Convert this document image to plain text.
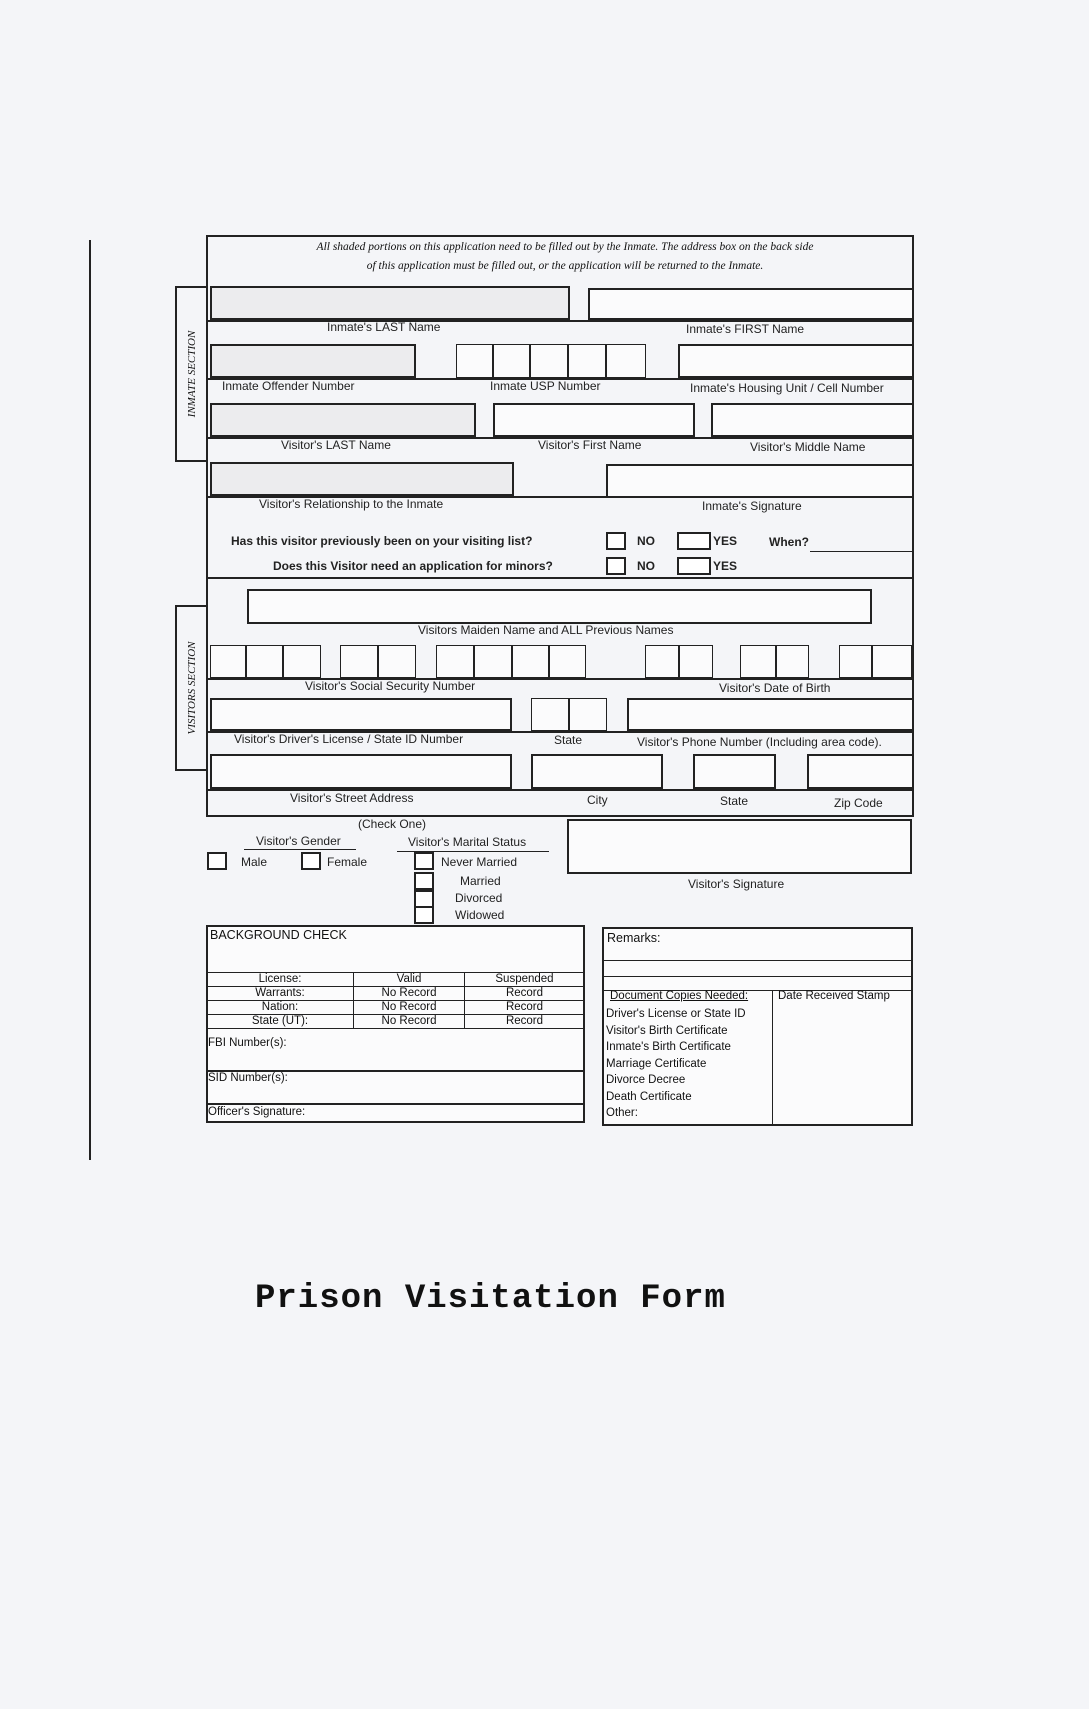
All shaded portions on this application need to be filled out by the Inmate. The address box on the back side
of this application must be filled out, or the application will be returned to the Inmate.
INMATE SECTION
Inmate's LAST Name	Inmate's FIRST Name
Inmate Offender Number	Inmate USP Number	Inmate's Housing Unit / Cell Number
Visitor's LAST Name	Visitor's First Name	Visitor's Middle Name
Visitor's Relationship to the Inmate	Inmate's Signature
Has this visitor previously been on your visiting list?	NO	YES	When?
Does this Visitor need an application for minors?	NO	YES
VISITORS SECTION
Visitors Maiden Name and ALL Previous Names
Visitor's Social Security Number	Visitor's Date of Birth
Visitor's Driver's License / State ID Number	State	Visitor's Phone Number (Including area code).
Visitor's Street Address	City	State	Zip Code
(Check One)
Visitor's Gender	Visitor's Marital Status
Male	Female	Never Married
Married
Divorced
Widowed
Visitor's Signature
BACKGROUND CHECK
License:	Valid	Suspended
Warrants:	No Record	Record
Nation:	No Record	Record
State (UT):	No Record	Record
FBI Number(s):
SID Number(s):
Officer's Signature:
Remarks:
Document Copies Needed:	Date Received Stamp
Driver's License or State ID
Visitor's Birth Certificate
Inmate's Birth Certificate
Marriage Certificate
Divorce Decree
Death Certificate
Other:
Prison Visitation Form
